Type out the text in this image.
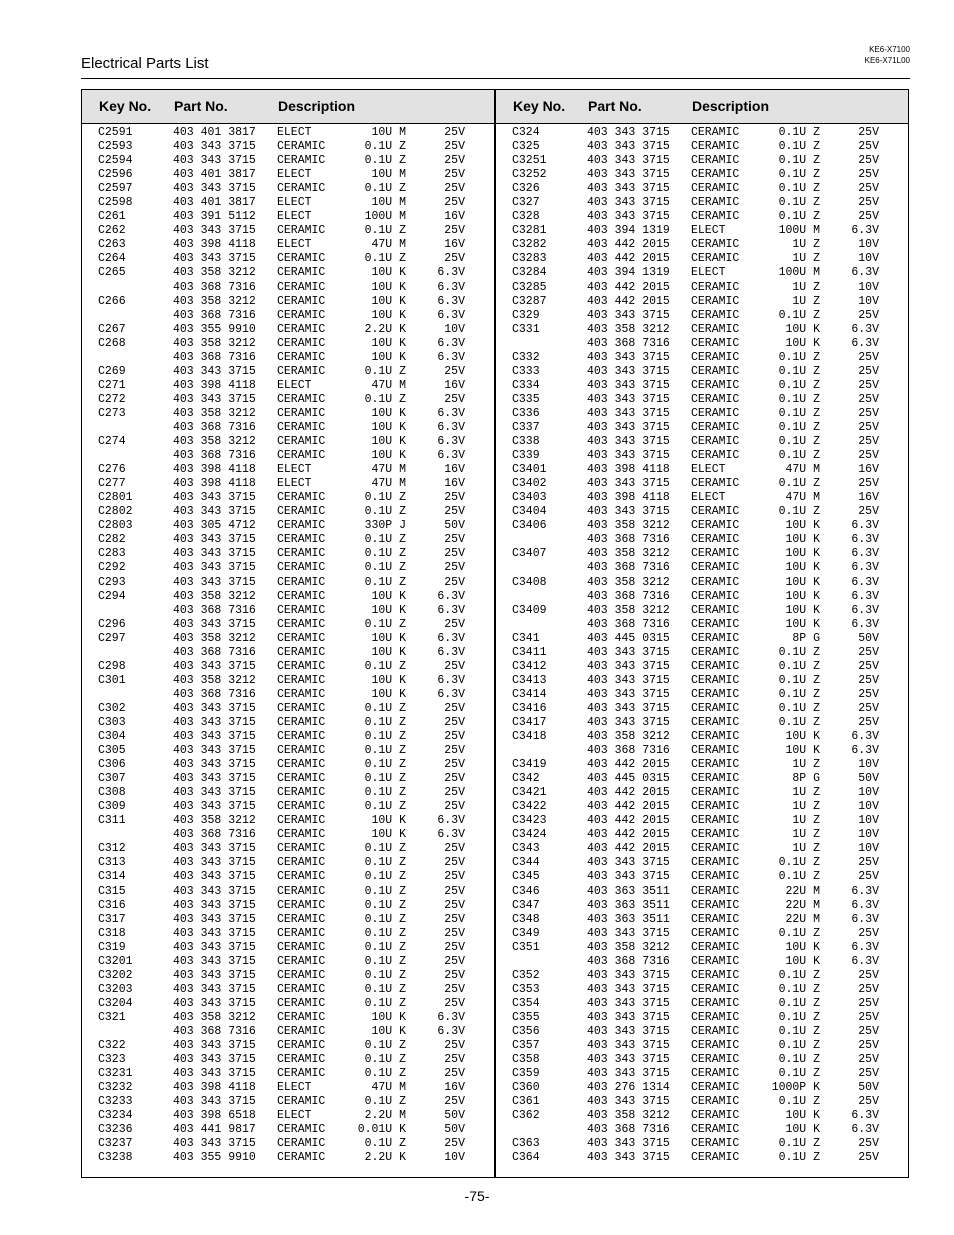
Electrical Parts List
KE6-X7100
KE6-X71L00
Key No. Part No.	Description	Key No. Part No.	Description
C2591	403 401 3817 ELECT	10U M	25V
C2593	403 343 3715 CERAMIC	0.1U Z	25V
C2594	403 343 3715 CERAMIC	0.1U Z	25V
C2596	403 401 3817 ELECT	10U M	25V
C2597	403 343 3715 CERAMIC	0.1U Z	25V
C2598	403 401 3817 ELECT	10U M	25V
C261	403 391 5112 ELECT	100U M	16V
C262	403 343 3715 CERAMIC	0.1U Z	25V
C263	403 398 4118 ELECT	47U M	16V
C264	403 343 3715 CERAMIC	0.1U Z	25V
C265	403 358 3212 CERAMIC	10U K	6.3V
403 368 7316 CERAMIC	10U K	6.3V
C266	403 358 3212 CERAMIC	10U K	6.3V
403 368 7316 CERAMIC	10U K	6.3V
C267	403 355 9910 CERAMIC	2.2U K	10V
C268	403 358 3212 CERAMIC	10U K	6.3V
403 368 7316 CERAMIC	10U K	6.3V
C269	403 343 3715 CERAMIC	0.1U Z	25V
C271	403 398 4118 ELECT	47U M	16V
C272	403 343 3715 CERAMIC	0.1U Z	25V
C273	403 358 3212 CERAMIC	10U K	6.3V
403 368 7316 CERAMIC	10U K	6.3V
C274	403 358 3212 CERAMIC	10U K	6.3V
403 368 7316 CERAMIC	10U K	6.3V
C276	403 398 4118 ELECT	47U M	16V
C277	403 398 4118 ELECT	47U M	16V
C2801	403 343 3715 CERAMIC	0.1U Z	25V
C2802	403 343 3715 CERAMIC	0.1U Z	25V
C2803	403 305 4712 CERAMIC	330P J	50V
C282	403 343 3715 CERAMIC	0.1U Z	25V
C283	403 343 3715 CERAMIC	0.1U Z	25V
C292	403 343 3715 CERAMIC	0.1U Z	25V
C293	403 343 3715 CERAMIC	0.1U Z	25V
C294	403 358 3212 CERAMIC	10U K	6.3V
403 368 7316 CERAMIC	10U K	6.3V
C296	403 343 3715 CERAMIC	0.1U Z	25V
C297	403 358 3212 CERAMIC	10U K	6.3V
403 368 7316 CERAMIC	10U K	6.3V
C298	403 343 3715 CERAMIC	0.1U Z	25V
C301	403 358 3212 CERAMIC	10U K	6.3V
403 368 7316 CERAMIC	10U K	6.3V
C302	403 343 3715 CERAMIC	0.1U Z	25V
C303	403 343 3715 CERAMIC	0.1U Z	25V
C304	403 343 3715 CERAMIC	0.1U Z	25V
C305	403 343 3715 CERAMIC	0.1U Z	25V
C306	403 343 3715 CERAMIC	0.1U Z	25V
C307	403 343 3715 CERAMIC	0.1U Z	25V
C308	403 343 3715 CERAMIC	0.1U Z	25V
C309	403 343 3715 CERAMIC	0.1U Z	25V
C311	403 358 3212 CERAMIC	10U K	6.3V
403 368 7316 CERAMIC	10U K	6.3V
C312	403 343 3715 CERAMIC	0.1U Z	25V
C313	403 343 3715 CERAMIC	0.1U Z	25V
C314	403 343 3715 CERAMIC	0.1U Z	25V
C315	403 343 3715 CERAMIC	0.1U Z	25V
C316	403 343 3715 CERAMIC	0.1U Z	25V
C317	403 343 3715 CERAMIC	0.1U Z	25V
C318	403 343 3715 CERAMIC	0.1U Z	25V
C319	403 343 3715 CERAMIC	0.1U Z	25V
C3201	403 343 3715 CERAMIC	0.1U Z	25V
C3202	403 343 3715 CERAMIC	0.1U Z	25V
C3203	403 343 3715 CERAMIC	0.1U Z	25V
C3204	403 343 3715 CERAMIC	0.1U Z	25V
C321	403 358 3212 CERAMIC	10U K	6.3V
403 368 7316 CERAMIC	10U K	6.3V
C322	403 343 3715 CERAMIC	0.1U Z	25V
C323	403 343 3715 CERAMIC	0.1U Z	25V
C3231	403 343 3715 CERAMIC	0.1U Z	25V
C3232	403 398 4118 ELECT	47U M	16V
C3233	403 343 3715 CERAMIC	0.1U Z	25V
C3234	403 398 6518 ELECT	2.2U M	50V
C3236	403 441 9817 CERAMIC	0.01U K	50V
C3237	403 343 3715 CERAMIC	0.1U Z	25V
C3238	403 355 9910 CERAMIC	2.2U K	10V
C324	403 343 3715 CERAMIC	0.1U Z	25V
C325	403 343 3715 CERAMIC	0.1U Z	25V
C3251	403 343 3715 CERAMIC	0.1U Z	25V
C3252	403 343 3715 CERAMIC	0.1U Z	25V
C326	403 343 3715 CERAMIC	0.1U Z	25V
C327	403 343 3715 CERAMIC	0.1U Z	25V
C328	403 343 3715 CERAMIC	0.1U Z	25V
C3281	403 394 1319 ELECT	100U M	6.3V
C3282	403 442 2015 CERAMIC	1U Z	10V
C3283	403 442 2015 CERAMIC	1U Z	10V
C3284	403 394 1319 ELECT	100U M	6.3V
C3285	403 442 2015 CERAMIC	1U Z	10V
C3287	403 442 2015 CERAMIC	1U Z	10V
C329	403 343 3715 CERAMIC	0.1U Z	25V
C331	403 358 3212 CERAMIC	10U K	6.3V
403 368 7316 CERAMIC	10U K	6.3V
C332	403 343 3715 CERAMIC	0.1U Z	25V
C333	403 343 3715 CERAMIC	0.1U Z	25V
C334	403 343 3715 CERAMIC	0.1U Z	25V
C335	403 343 3715 CERAMIC	0.1U Z	25V
C336	403 343 3715 CERAMIC	0.1U Z	25V
C337	403 343 3715 CERAMIC	0.1U Z	25V
C338	403 343 3715 CERAMIC	0.1U Z	25V
C339	403 343 3715 CERAMIC	0.1U Z	25V
C3401	403 398 4118 ELECT	47U M	16V
C3402	403 343 3715 CERAMIC	0.1U Z	25V
C3403	403 398 4118 ELECT	47U M	16V
C3404	403 343 3715 CERAMIC	0.1U Z	25V
C3406	403 358 3212 CERAMIC	10U K	6.3V
403 368 7316 CERAMIC	10U K	6.3V
C3407	403 358 3212 CERAMIC	10U K	6.3V
403 368 7316 CERAMIC	10U K	6.3V
C3408	403 358 3212 CERAMIC	10U K	6.3V
403 368 7316 CERAMIC	10U K	6.3V
C3409	403 358 3212 CERAMIC	10U K	6.3V
403 368 7316 CERAMIC	10U K	6.3V
C341	403 445 0315 CERAMIC	8P G	50V
C3411	403 343 3715 CERAMIC	0.1U Z	25V
C3412	403 343 3715 CERAMIC	0.1U Z	25V
C3413	403 343 3715 CERAMIC	0.1U Z	25V
C3414	403 343 3715 CERAMIC	0.1U Z	25V
C3416	403 343 3715 CERAMIC	0.1U Z	25V
C3417	403 343 3715 CERAMIC	0.1U Z	25V
C3418	403 358 3212 CERAMIC	10U K	6.3V
403 368 7316 CERAMIC	10U K	6.3V
C3419	403 442 2015 CERAMIC	1U Z	10V
C342	403 445 0315 CERAMIC	8P G	50V
C3421	403 442 2015 CERAMIC	1U Z	10V
C3422	403 442 2015 CERAMIC	1U Z	10V
C3423	403 442 2015 CERAMIC	1U Z	10V
C3424	403 442 2015 CERAMIC	1U Z	10V
C343	403 442 2015 CERAMIC	1U Z	10V
C344	403 343 3715 CERAMIC	0.1U Z	25V
C345	403 343 3715 CERAMIC	0.1U Z	25V
C346	403 363 3511 CERAMIC	22U M	6.3V
C347	403 363 3511 CERAMIC	22U M	6.3V
C348	403 363 3511 CERAMIC	22U M	6.3V
C349	403 343 3715 CERAMIC	0.1U Z	25V
C351	403 358 3212 CERAMIC	10U K	6.3V
403 368 7316 CERAMIC	10U K	6.3V
C352	403 343 3715 CERAMIC	0.1U Z	25V
C353	403 343 3715 CERAMIC	0.1U Z	25V
C354	403 343 3715 CERAMIC	0.1U Z	25V
C355	403 343 3715 CERAMIC	0.1U Z	25V
C356	403 343 3715 CERAMIC	0.1U Z	25V
C357	403 343 3715 CERAMIC	0.1U Z	25V
C358	403 343 3715 CERAMIC	0.1U Z	25V
C359	403 343 3715 CERAMIC	0.1U Z	25V
C360	403 276 1314 CERAMIC	1000P K	50V
C361	403 343 3715 CERAMIC	0.1U Z	25V
C362	403 358 3212 CERAMIC	10U K	6.3V
403 368 7316 CERAMIC	10U K	6.3V
C363	403 343 3715 CERAMIC	0.1U Z	25V
C364	403 343 3715 CERAMIC	0.1U Z	25V
-75-
